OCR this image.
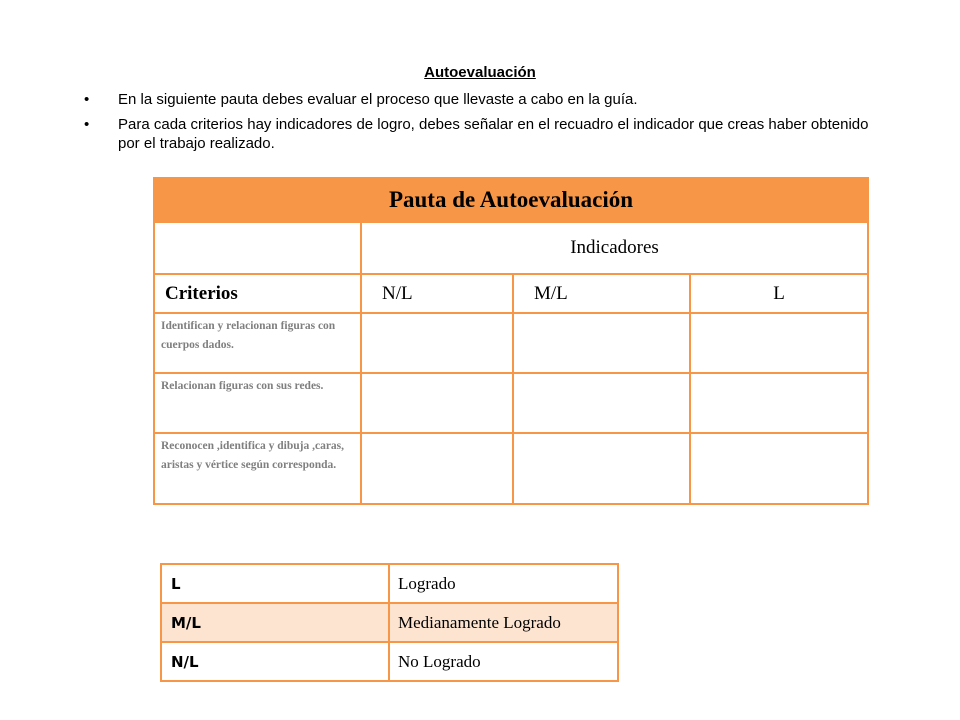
Autoevaluación
• En la siguiente pauta debes evaluar el proceso que llevaste a cabo en la guía.
• Para cada criterios hay indicadores de logro, debes señalar en el recuadro el indicador que creas haber obtenido por el trabajo realizado.
Pauta de Autoevaluación			
	Indicadores		
Criterios	N/L	M/L	L
Identifican y relacionan figuras con cuerpos dados.			
Relacionan figuras con sus redes.			
Reconocen ,identifica y dibuja ,caras, aristas y vértice según corresponda.			
L	Logrado
M/L	Medianamente Logrado
N/L	No Logrado
